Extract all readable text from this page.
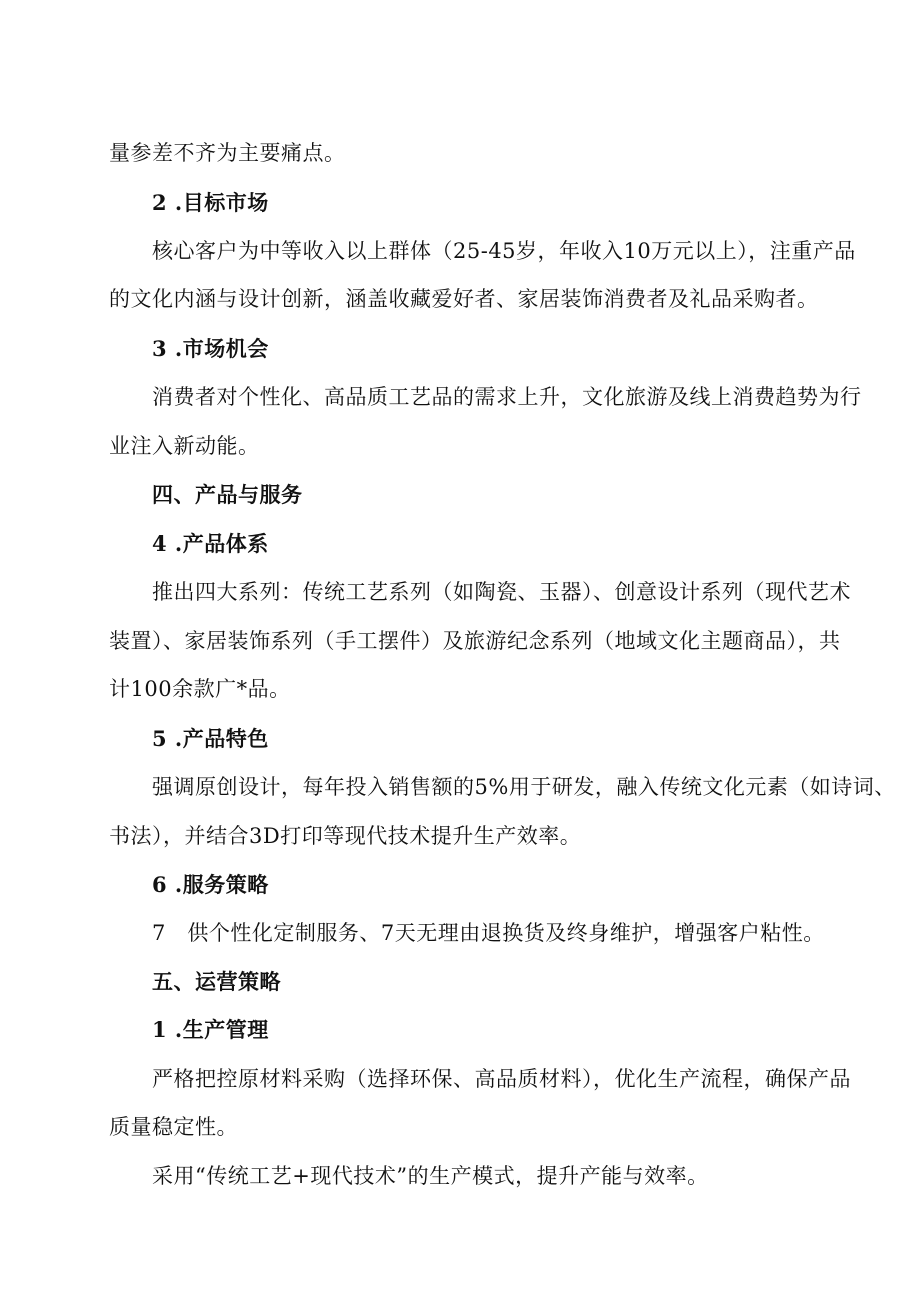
量参差不齐为主要痛点。

2 .目标市场

核心客户为中等收入以上群体（25-45岁，年收入10万元以上），注重产品

的文化内涵与设计创新，涵盖收藏爱好者、家居装饰消费者及礼品采购者。

3 .市场机会

消费者对个性化、高品质工艺品的需求上升，文化旅游及线上消费趋势为行

业注入新动能。

四、产品与服务

4 .产品体系

推出四大系列：传统工艺系列（如陶瓷、玉器）、创意设计系列（现代艺术

装置）、家居装饰系列（手工摆件）及旅游纪念系列（地域文化主题商品），共

计100余款广*品。

5 .产品特色

强调原创设计，每年投入销售额的5%用于研发，融入传统文化元素（如诗词、

书法），并结合3D打印等现代技术提升生产效率。

6 .服务策略

7　供个性化定制服务、7天无理由退换货及终身维护，增强客户粘性。

五、运营策略

1 .生产管理

严格把控原材料采购（选择环保、高品质材料），优化生产流程，确保产品

质量稳定性。

采用“传统工艺+现代技术”的生产模式，提升产能与效率。
